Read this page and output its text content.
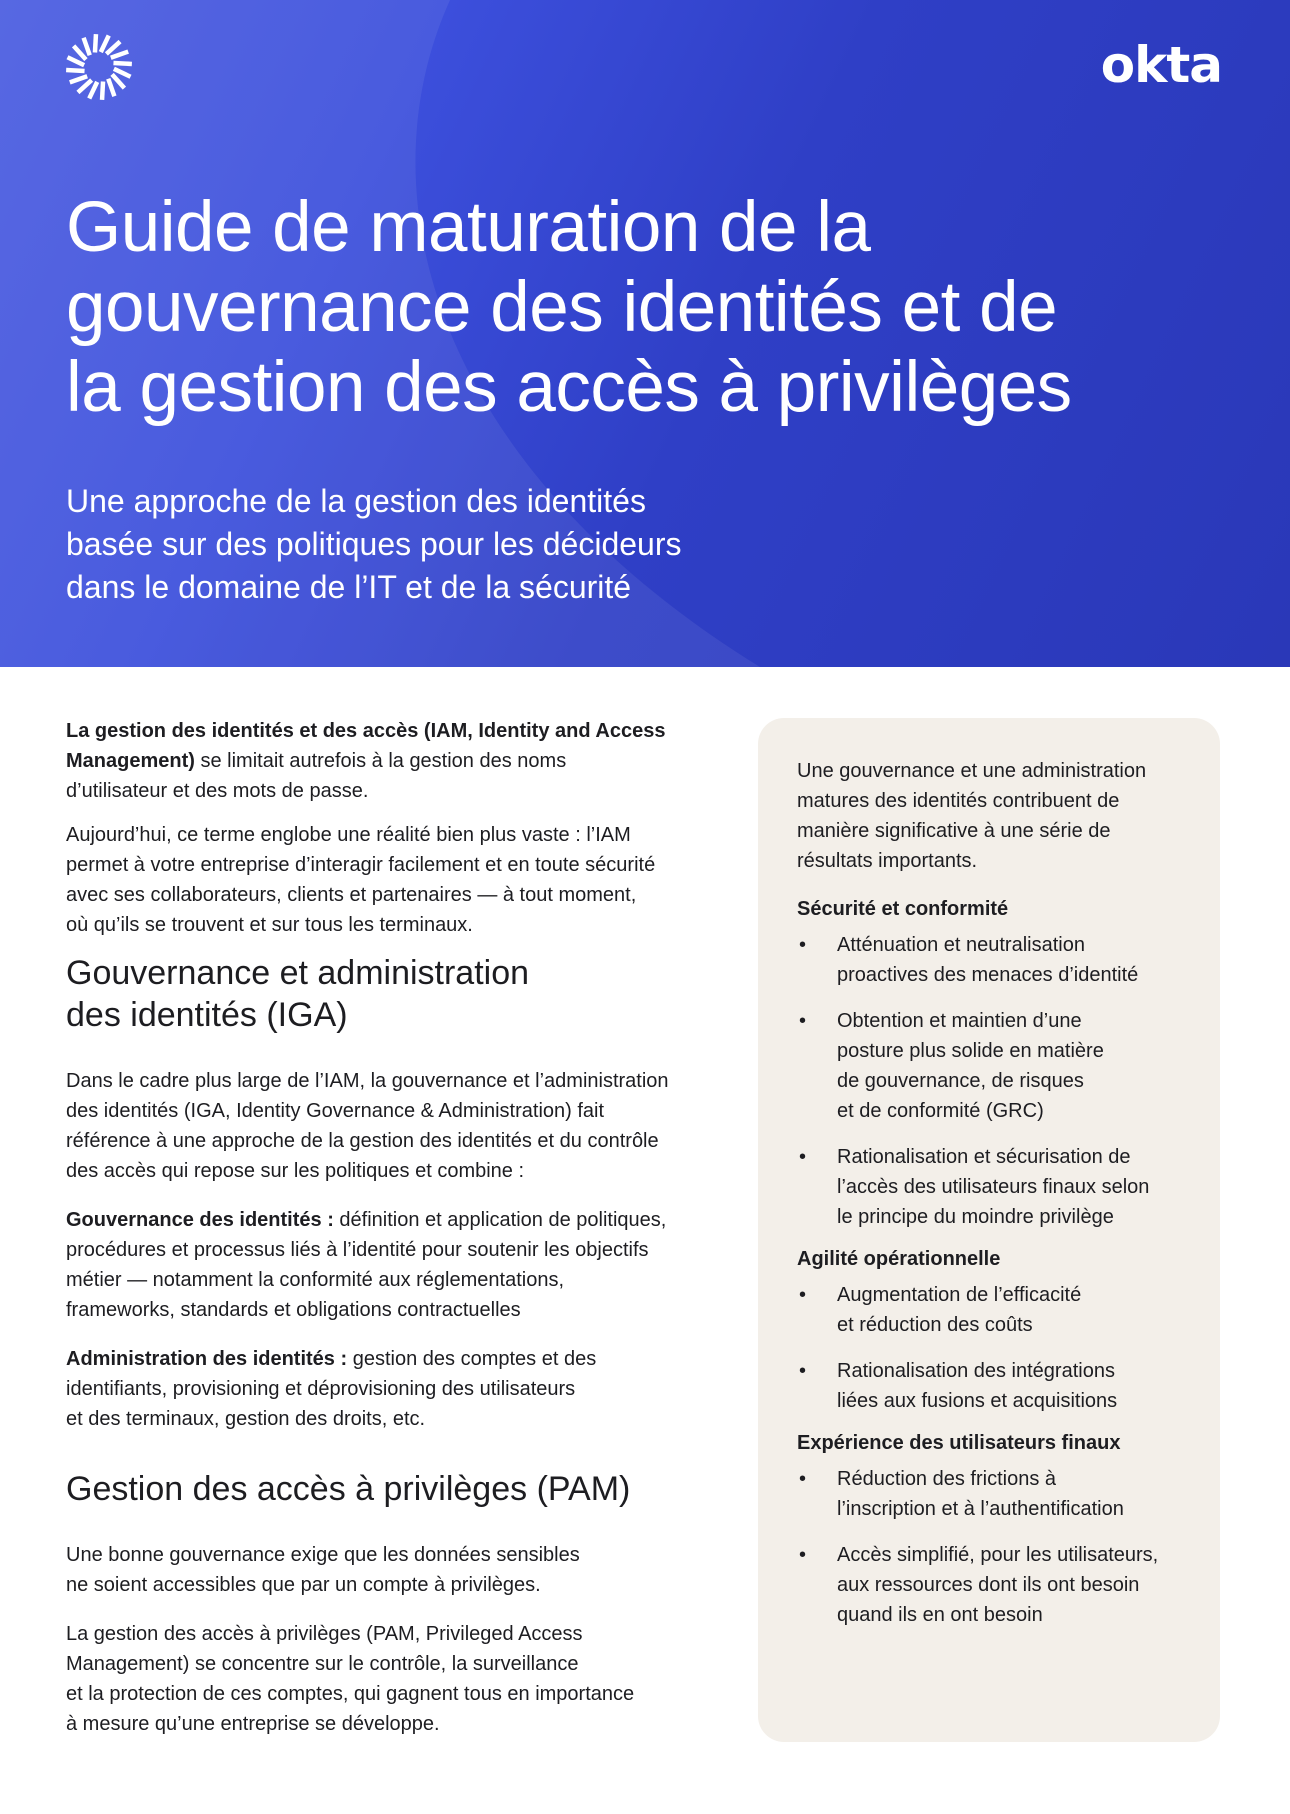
okta
Guide de maturation de la
gouvernance des identités et de
la gestion des accès à privilèges

Une approche de la gestion des identités
basée sur des politiques pour les décideurs
dans le domaine de l’IT et de la sécurité

La gestion des identités et des accès (IAM, Identity and Access
Management) se limitait autrefois à la gestion des noms
d’utilisateur et des mots de passe.

Aujourd’hui, ce terme englobe une réalité bien plus vaste : l’IAM
permet à votre entreprise d’interagir facilement et en toute sécurité
avec ses collaborateurs, clients et partenaires — à tout moment,
où qu’ils se trouvent et sur tous les terminaux.

Gouvernance et administration
des identités (IGA)

Dans le cadre plus large de l’IAM, la gouvernance et l’administration
des identités (IGA, Identity Governance & Administration) fait
référence à une approche de la gestion des identités et du contrôle
des accès qui repose sur les politiques et combine :

Gouvernance des identités : définition et application de politiques,
procédures et processus liés à l’identité pour soutenir les objectifs
métier — notamment la conformité aux réglementations,
frameworks, standards et obligations contractuelles

Administration des identités : gestion des comptes et des
identifiants, provisioning et déprovisioning des utilisateurs
et des terminaux, gestion des droits, etc.

Gestion des accès à privilèges (PAM)

Une bonne gouvernance exige que les données sensibles
ne soient accessibles que par un compte à privilèges.

La gestion des accès à privilèges (PAM, Privileged Access
Management) se concentre sur le contrôle, la surveillance
et la protection de ces comptes, qui gagnent tous en importance
à mesure qu’une entreprise se développe.

Une gouvernance et une administration
matures des identités contribuent de
manière significative à une série de
résultats importants.

Sécurité et conformité

• Atténuation et neutralisation
proactives des menaces d’identité
• Obtention et maintien d’une
posture plus solide en matière
de gouvernance, de risques
et de conformité (GRC)
• Rationalisation et sécurisation de
l’accès des utilisateurs finaux selon
le principe du moindre privilège

Agilité opérationnelle

• Augmentation de l’efficacité
et réduction des coûts
• Rationalisation des intégrations
liées aux fusions et acquisitions

Expérience des utilisateurs finaux

• Réduction des frictions à
l’inscription et à l’authentification
• Accès simplifié, pour les utilisateurs,
aux ressources dont ils ont besoin
quand ils en ont besoin
